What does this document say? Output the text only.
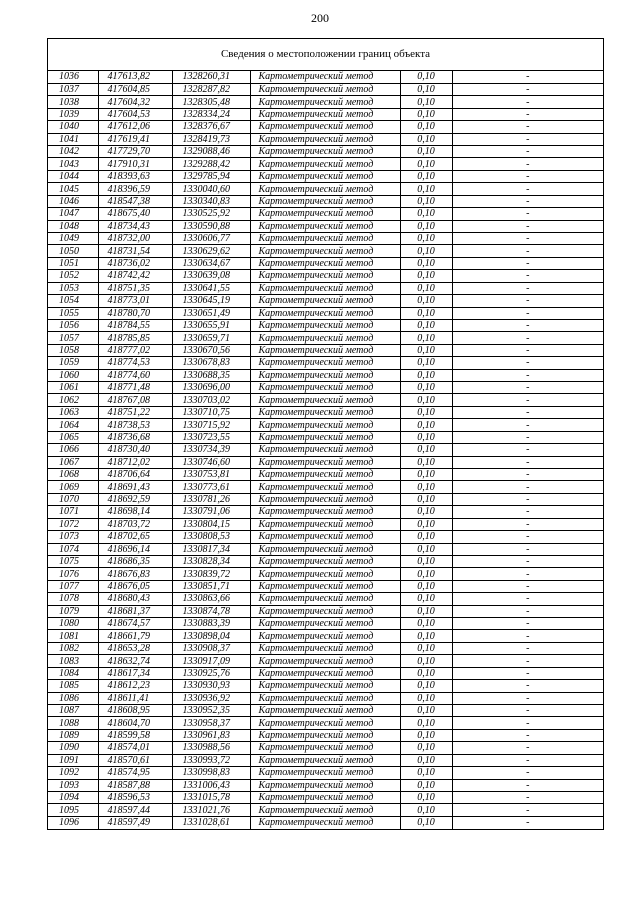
200
Сведения о местоположении границ объекта
1036	417613,82	1328260,31	Картометрический метод	0,10	-
1037	417604,85	1328287,82	Картометрический метод	0,10	-
1038	417604,32	1328305,48	Картометрический метод	0,10	-
1039	417604,53	1328334,24	Картометрический метод	0,10	-
1040	417612,06	1328376,67	Картометрический метод	0,10	-
1041	417619,41	1328419,73	Картометрический метод	0,10	-
1042	417729,70	1329088,46	Картометрический метод	0,10	-
1043	417910,31	1329288,42	Картометрический метод	0,10	-
1044	418393,63	1329785,94	Картометрический метод	0,10	-
1045	418396,59	1330040,60	Картометрический метод	0,10	-
1046	418547,38	1330340,83	Картометрический метод	0,10	-
1047	418675,40	1330525,92	Картометрический метод	0,10	-
1048	418734,43	1330590,88	Картометрический метод	0,10	-
1049	418732,00	1330606,77	Картометрический метод	0,10	-
1050	418731,54	1330629,62	Картометрический метод	0,10	-
1051	418736,02	1330634,67	Картометрический метод	0,10	-
1052	418742,42	1330639,08	Картометрический метод	0,10	-
1053	418751,35	1330641,55	Картометрический метод	0,10	-
1054	418773,01	1330645,19	Картометрический метод	0,10	-
1055	418780,70	1330651,49	Картометрический метод	0,10	-
1056	418784,55	1330655,91	Картометрический метод	0,10	-
1057	418785,85	1330659,71	Картометрический метод	0,10	-
1058	418777,02	1330670,56	Картометрический метод	0,10	-
1059	418774,53	1330678,83	Картометрический метод	0,10	-
1060	418774,60	1330688,35	Картометрический метод	0,10	-
1061	418771,48	1330696,00	Картометрический метод	0,10	-
1062	418767,08	1330703,02	Картометрический метод	0,10	-
1063	418751,22	1330710,75	Картометрический метод	0,10	-
1064	418738,53	1330715,92	Картометрический метод	0,10	-
1065	418736,68	1330723,55	Картометрический метод	0,10	-
1066	418730,40	1330734,39	Картометрический метод	0,10	-
1067	418712,02	1330746,60	Картометрический метод	0,10	-
1068	418706,64	1330753,81	Картометрический метод	0,10	-
1069	418691,43	1330773,61	Картометрический метод	0,10	-
1070	418692,59	1330781,26	Картометрический метод	0,10	-
1071	418698,14	1330791,06	Картометрический метод	0,10	-
1072	418703,72	1330804,15	Картометрический метод	0,10	-
1073	418702,65	1330808,53	Картометрический метод	0,10	-
1074	418696,14	1330817,34	Картометрический метод	0,10	-
1075	418686,35	1330828,34	Картометрический метод	0,10	-
1076	418676,83	1330839,72	Картометрический метод	0,10	-
1077	418676,05	1330851,71	Картометрический метод	0,10	-
1078	418680,43	1330863,66	Картометрический метод	0,10	-
1079	418681,37	1330874,78	Картометрический метод	0,10	-
1080	418674,57	1330883,39	Картометрический метод	0,10	-
1081	418661,79	1330898,04	Картометрический метод	0,10	-
1082	418653,28	1330908,37	Картометрический метод	0,10	-
1083	418632,74	1330917,09	Картометрический метод	0,10	-
1084	418617,34	1330925,76	Картометрический метод	0,10	-
1085	418612,23	1330930,93	Картометрический метод	0,10	-
1086	418611,41	1330936,92	Картометрический метод	0,10	-
1087	418608,95	1330952,35	Картометрический метод	0,10	-
1088	418604,70	1330958,37	Картометрический метод	0,10	-
1089	418599,58	1330961,83	Картометрический метод	0,10	-
1090	418574,01	1330988,56	Картометрический метод	0,10	-
1091	418570,61	1330993,72	Картометрический метод	0,10	-
1092	418574,95	1330998,83	Картометрический метод	0,10	-
1093	418587,88	1331006,43	Картометрический метод	0,10	-
1094	418596,53	1331015,78	Картометрический метод	0,10	-
1095	418597,44	1331021,76	Картометрический метод	0,10	-
1096	418597,49	1331028,61	Картометрический метод	0,10	-
